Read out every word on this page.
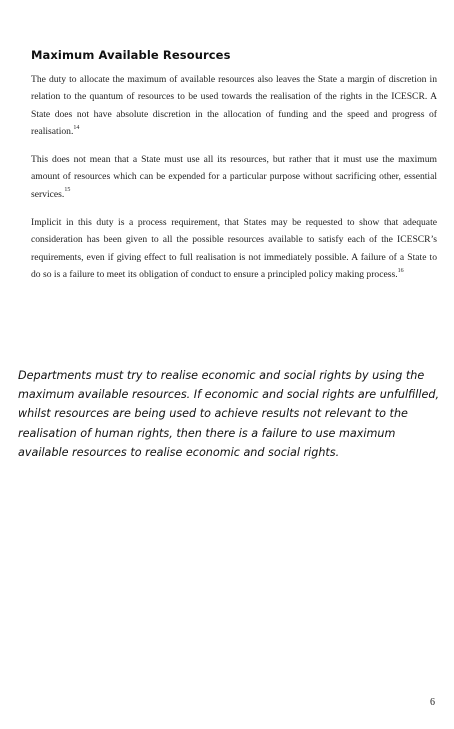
Maximum Available Resources

The duty to allocate the maximum of available resources also leaves the State a margin of discretion in relation to the quantum of resources to be used towards the realisation of the rights in the ICESCR. A State does not have absolute discretion in the allocation of funding and the speed and progress of realisation.$^{14}$

This does not mean that a State must use all its resources, but rather that it must use the maximum amount of resources which can be expended for a particular purpose without sacrificing other, essential services.$^{15}$

Implicit in this duty is a process requirement, that States may be requested to show that adequate consideration has been given to all the possible resources available to satisfy each of the ICESCR’s requirements, even if giving effect to full realisation is not immediately possible. A failure of a State to do so is a failure to meet its obligation of conduct to ensure a principled policy making process.$^{16}$

Departments must try to realise economic and social rights by using the maximum available resources. If economic and social rights are unfulfilled, whilst resources are being used to achieve results not relevant to the realisation of human rights, then there is a failure to use maximum available resources to realise economic and social rights.

6
